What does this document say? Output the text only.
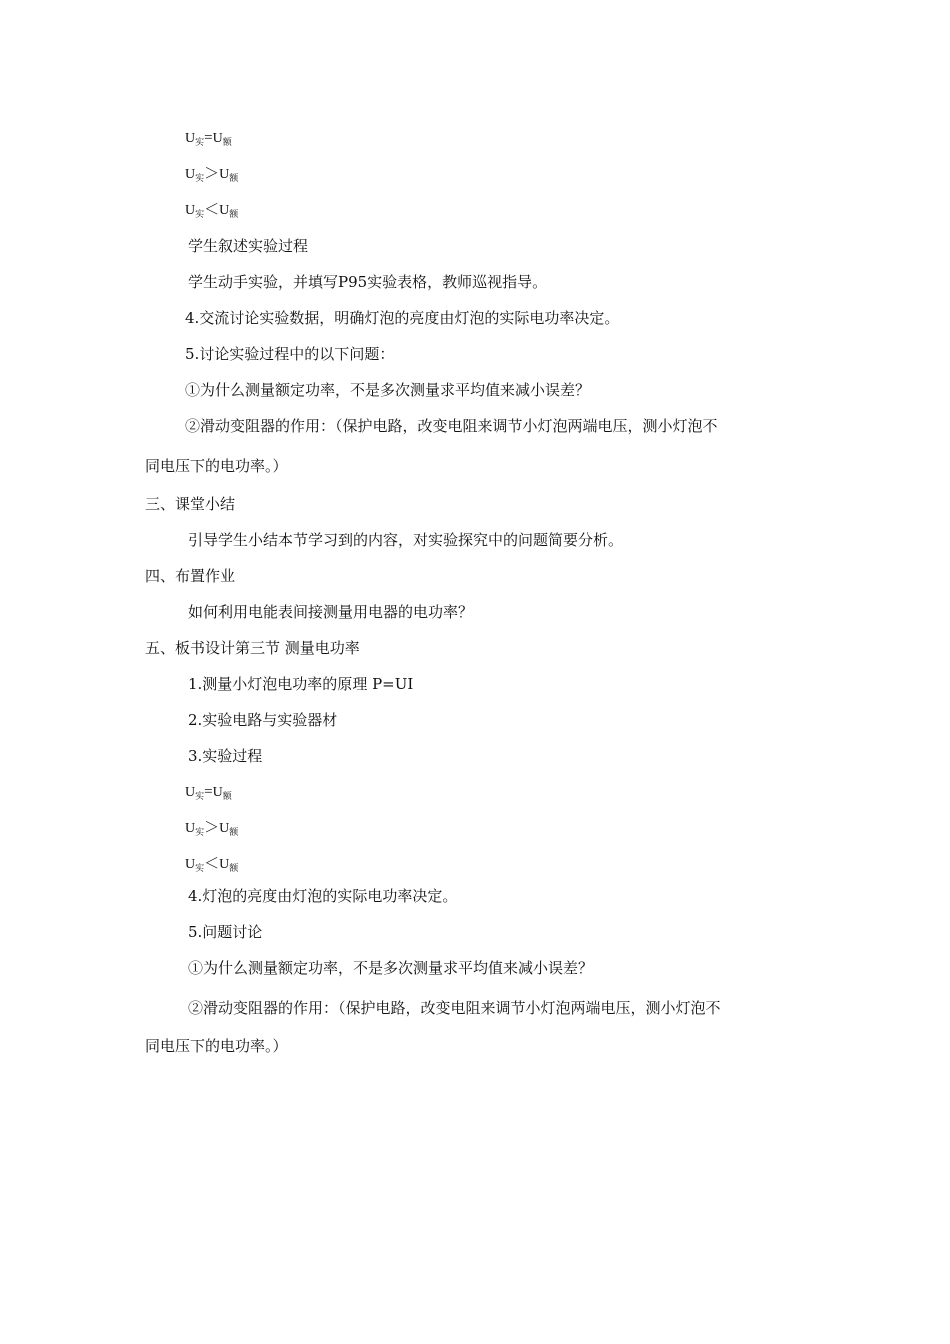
$U_实=U_额$
$U_实>U_额$
$U_实<U_额$
学生叙述实验过程
学生动手实验，并填写P95实验表格，教师巡视指导。
4.交流讨论实验数据，明确灯泡的亮度由灯泡的实际电功率决定。
5.讨论实验过程中的以下问题：
①为什么测量额定功率，不是多次测量求平均值来减小误差？
②滑动变阻器的作用：（保护电路，改变电阻来调节小灯泡两端电压，测小灯泡不
同电压下的电功率。）
三、课堂小结
引导学生小结本节学习到的内容，对实验探究中的问题简要分析。
四、布置作业
如何利用电能表间接测量用电器的电功率？
五、板书设计第三节 测量电功率
1.测量小灯泡电功率的原理 P=UI
2.实验电路与实验器材
3.实验过程
$U_实=U_额$
$U_实>U_额$
$U_实<U_额$
4.灯泡的亮度由灯泡的实际电功率决定。
5.问题讨论
①为什么测量额定功率，不是多次测量求平均值来减小误差？
②滑动变阻器的作用：（保护电路，改变电阻来调节小灯泡两端电压，测小灯泡不
同电压下的电功率。）
